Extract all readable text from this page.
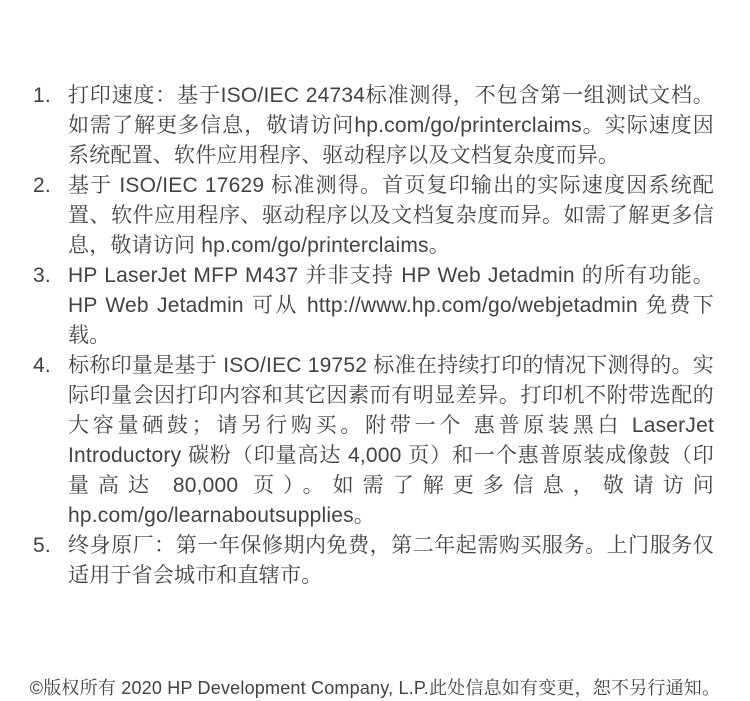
1. 打印速度：基于ISO/IEC 24734标准测得，不包含第一组测试文档。如需了解更多信息，敬请访问hp.com/go/printerclaims。实际速度因系统配置、软件应用程序、驱动程序以及文档复杂度而异。
2. 基于 ISO/IEC 17629 标准测得。首页复印输出的实际速度因系统配置、软件应用程序、驱动程序以及文档复杂度而异。如需了解更多信息，敬请访问 hp.com/go/printerclaims。
3. HP LaserJet MFP M437 并非支持 HP Web Jetadmin 的所有功能。HP Web Jetadmin 可从 http://www.hp.com/go/webjetadmin 免费下载。
4. 标称印量是基于 ISO/IEC 19752 标准在持续打印的情况下测得的。实际印量会因打印内容和其它因素而有明显差异。打印机不附带选配的大容量硒鼓；请另行购买。附带一个 惠普原装黑白 LaserJet Introductory 碳粉（印量高达 4,000 页）和一个惠普原装成像鼓（印量高达 80,000 页）。如需了解更多信息，敬请访问hp.com/go/learnaboutsupplies。
5. 终身原厂：第一年保修期内免费，第二年起需购买服务。上门服务仅适用于省会城市和直辖市。
©版权所有 2020 HP Development Company, L.P.此处信息如有变更，恕不另行通知。
